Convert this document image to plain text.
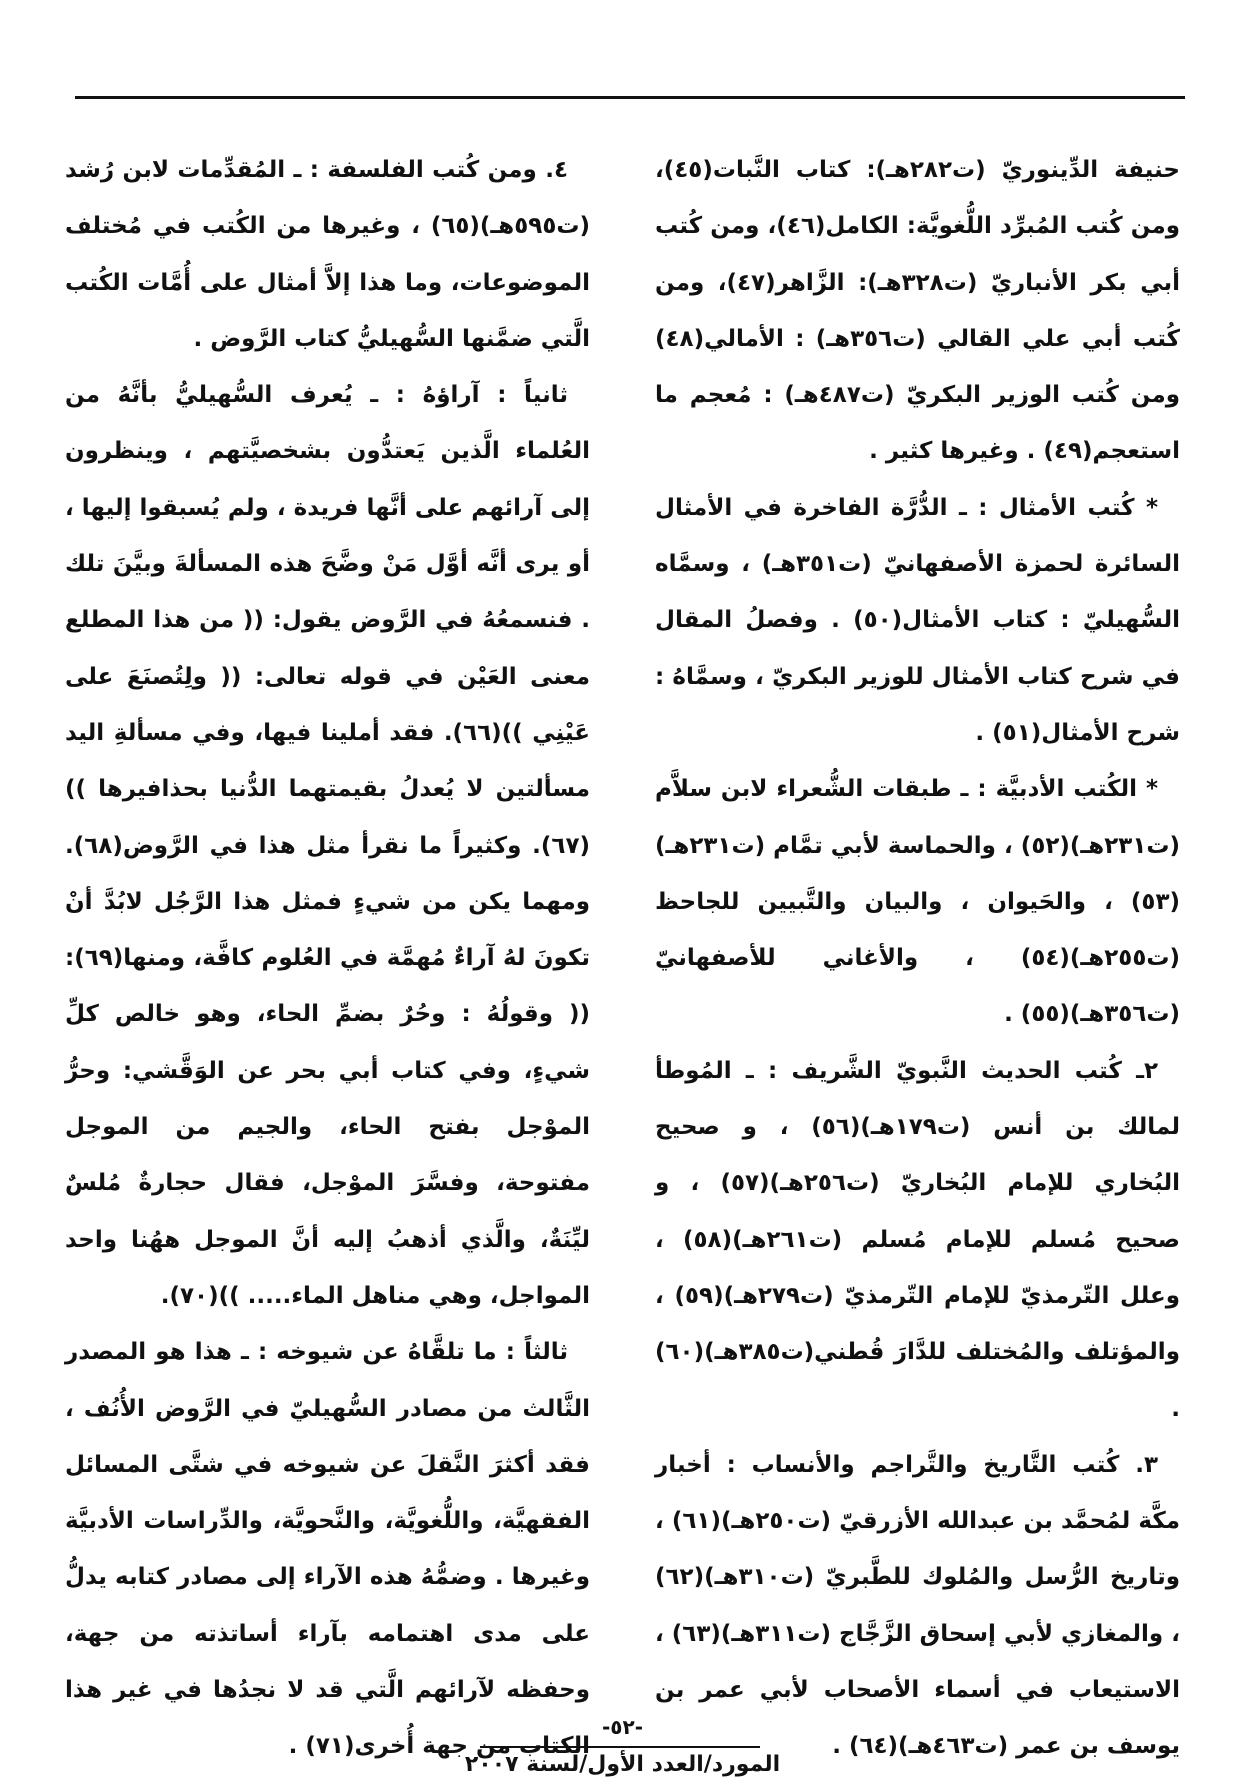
حنيفة الدِّينوريّ (ت٢٨٢هـ): كتاب النَّبات(٤٥)، ومن كُتب المُبرِّد اللُّغويَّة: الكامل(٤٦)، ومن كُتب أبي بكر الأنباريّ (ت٣٢٨هـ): الزَّاهر(٤٧)، ومن كُتب أبي علي القالي (ت٣٥٦هـ) : الأمالي(٤٨) ومن كُتب الوزير البكريّ (ت٤٨٧هـ) : مُعجم ما استعجم(٤٩) . وغيرها كثير .

* كُتب الأمثال : ـ الدُّرَّة الفاخرة في الأمثال السائرة لحمزة الأصفهانيّ (ت٣٥١هـ) ، وسمَّاه السُّهيليّ : كتاب الأمثال(٥٠) . وفصلُ المقال في شرح كتاب الأمثال للوزير البكريّ ، وسمَّاهُ : شرح الأمثال(٥١) .

* الكُتب الأدبيَّة : ـ طبقات الشُّعراء لابن سلاَّم (ت٢٣١هـ)(٥٢) ، والحماسة لأبي تمَّام (ت٢٣١هـ)(٥٣) ، والحَيوان ، والبيان والتَّبيين للجاحظ (ت٢٥٥هـ)(٥٤) ، والأغاني للأصفهانيّ (ت٣٥٦هـ)(٥٥) .

٢ـ كُتب الحديث النَّبويّ الشَّريف : ـ المُوطأ لمالك بن أنس (ت١٧٩هـ)(٥٦) ، و صحيح البُخاري للإمام البُخاريّ (ت٢٥٦هـ)(٥٧) ، و صحيح مُسلم للإمام مُسلم (ت٢٦١هـ)(٥٨) ، وعلل التّرمذيّ للإمام التّرمذيّ (ت٢٧٩هـ)(٥٩) ، والمؤتلف والمُختلف للدَّارَ قُطني(ت٣٨٥هـ)(٦٠) .

٣. كُتب التَّاريخ والتَّراجم والأنساب : أخبار مكَّة لمُحمَّد بن عبدالله الأزرقيّ (ت٢٥٠هـ)(٦١) ، وتاريخ الرُّسل والمُلوك للطَّبريّ (ت٣١٠هـ)(٦٢) ، والمغازي لأبي إسحاق الزَّجَّاج (ت٣١١هـ)(٦٣) ، الاستيعاب في أسماء الأصحاب لأبي عمر بن يوسف بن عمر (ت٤٦٣هـ)(٦٤) .

٤. ومن كُتب الفلسفة : ـ المُقدِّمات لابن رُشد (ت٥٩٥هـ)(٦٥) ، وغيرها من الكُتب في مُختلف الموضوعات، وما هذا إلاَّ أمثال على أُمَّات الكُتب الَّتي ضمَّنها السُّهيليُّ كتاب الرَّوض .

ثانياً : آراؤهُ : ـ يُعرف السُّهيليُّ بأنَّهُ من العُلماء الَّذين يَعتدُّون بشخصيَّتهم ، وينظرون إلى آرائهم على أنَّها فريدة ، ولم يُسبقوا إليها ، أو يرى أنَّه أوَّل مَنْ وضَّحَ هذه المسألةَ وبيَّنَ تلك . فنسمعُهُ في الرَّوض يقول: (( من هذا المطلع معنى العَيْن في قوله تعالى: (( ولِتُصنَعَ على عَيْنِي ))(٦٦). فقد أملينا فيها، وفي مسألةِ اليد مسألتين لا يُعدلُ بقيمتهما الدُّنيا بحذافيرها ))(٦٧). وكثيراً ما نقرأ مثل هذا في الرَّوض(٦٨). ومهما يكن من شيءٍ فمثل هذا الرَّجُل لابُدَّ أنْ تكونَ لهُ آراءٌ مُهمَّة في العُلوم كافَّة، ومنها(٦٩):(( وقولُهُ : وحُرٌ بضمِّ الحاء، وهو خالص كلِّ شيءٍ، وفي كتاب أبي بحر عن الوَقَّشي: وحرُّ الموْجل بفتح الحاء، والجيم من الموجل مفتوحة، وفسَّرَ الموْجل، فقال حجارةٌ مُلسٌ ليِّنَةٌ، والَّذي أذهبُ إليه أنَّ الموجل ههُنا واحد المواجل، وهي مناهل الماء..... ))(٧٠).

ثالثاً : ما تلقَّاهُ عن شيوخه : ـ هذا هو المصدر الثَّالث من مصادر السُّهيليّ في الرَّوض الأُنُف ، فقد أكثرَ النَّقلَ عن شيوخه في شتَّى المسائل الفقهيَّة، واللُّغويَّة، والنَّحويَّة، والدِّراسات الأدبيَّة وغيرها . وضمُّهُ هذه الآراء إلى مصادر كتابه يدلُّ على مدى اهتمامه بآراء أساتذته من جهة، وحفظه لآرائهم الَّتي قد لا نجدُها في غير هذا الكتاب من جهة أُخرى(٧١) .

-٥٢-
المورد/العدد الأول/لسنة ٢٠٠٧
